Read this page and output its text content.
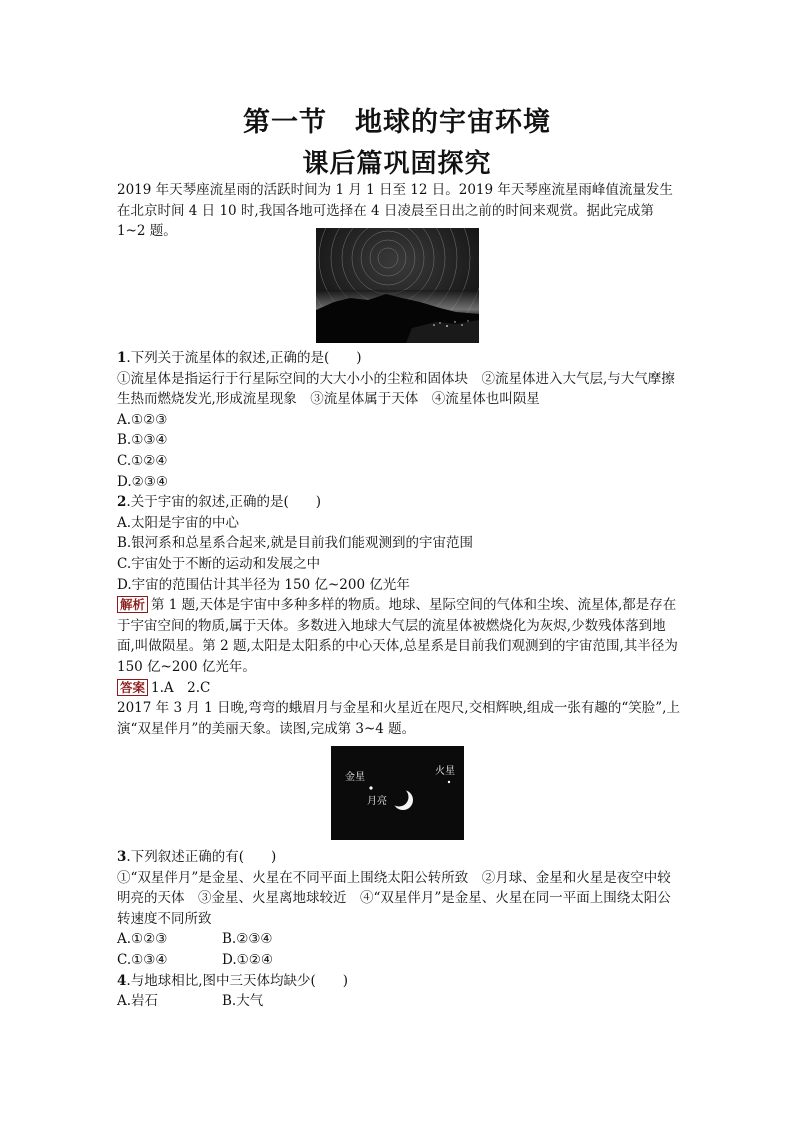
第一节　地球的宇宙环境
课后篇巩固探究

2019 年天琴座流星雨的活跃时间为 1 月 1 日至 12 日。2019 年天琴座流星雨峰值流量发生在北京时间 4 日 10 时,我国各地可选择在 4 日凌晨至日出之前的时间来观赏。据此完成第 1~2 题。

1.下列关于流星体的叙述,正确的是(　　)

①流星体是指运行于行星际空间的大大小小的尘粒和固体块　②流星体进入大气层,与大气摩擦生热而燃烧发光,形成流星现象　③流星体属于天体　④流星体也叫陨星

A.①②③

B.①③④

C.①②④

D.②③④

2.关于宇宙的叙述,正确的是(　　)

A.太阳是宇宙的中心

B.银河系和总星系合起来,就是目前我们能观测到的宇宙范围

C.宇宙处于不断的运动和发展之中

D.宇宙的范围估计其半径为 150 亿~200 亿光年

解析 第 1 题,天体是宇宙中多种多样的物质。地球、星际空间的气体和尘埃、流星体,都是存在于宇宙空间的物质,属于天体。多数进入地球大气层的流星体被燃烧化为灰烬,少数残体落到地面,叫做陨星。第 2 题,太阳是太阳系的中心天体,总星系是目前我们观测到的宇宙范围,其半径为 150 亿~200 亿光年。

答案 1.A　2.C

2017 年 3 月 1 日晚,弯弯的蛾眉月与金星和火星近在咫尺,交相辉映,组成一张有趣的“笑脸”,上演“双星伴月”的美丽天象。读图,完成第 3~4 题。

金星
火星
月亮

3.下列叙述正确的有(　　)

①“双星伴月”是金星、火星在不同平面上围绕太阳公转所致　②月球、金星和火星是夜空中较明亮的天体　③金星、火星离地球较近　④“双星伴月”是金星、火星在同一平面上围绕太阳公转速度不同所致

A.①②③	B.②③④
C.①③④	D.①②④

4.与地球相比,图中三天体均缺少(　　)

A.岩石	B.大气
